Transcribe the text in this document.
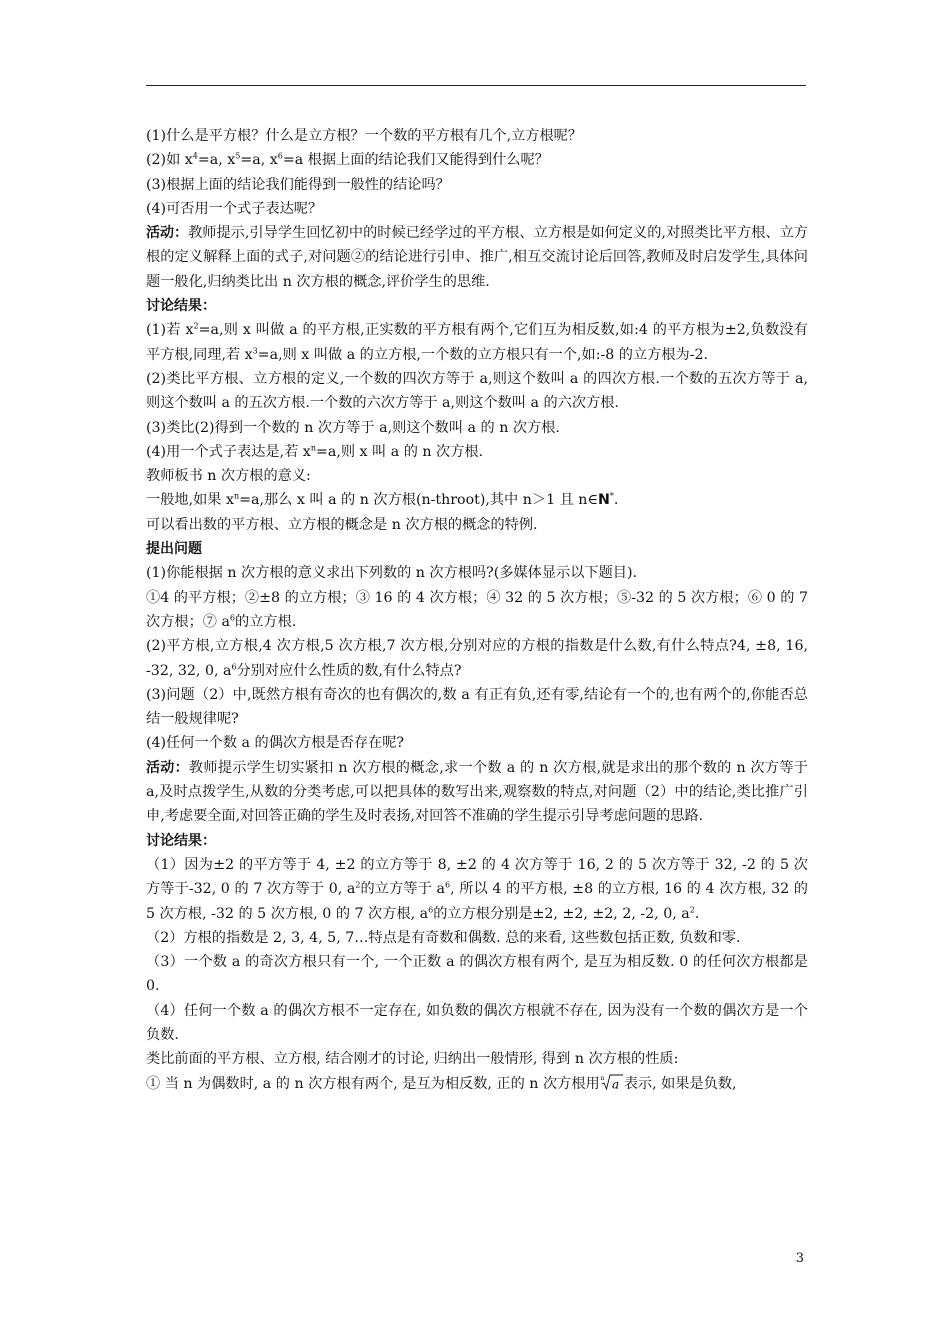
(1)什么是平方根？什么是立方根？一个数的平方根有几个,立方根呢？

(2)如 $x^4=a$, $x^5=a$, $x^6=a$ 根据上面的结论我们又能得到什么呢？

(3)根据上面的结论我们能得到一般性的结论吗？

(4)可否用一个式子表达呢？

活动：教师提示,引导学生回忆初中的时候已经学过的平方根、立方根是如何定义的,对照类比平方根、立方根的定义解释上面的式子,对问题②的结论进行引申、推广,相互交流讨论后回答,教师及时启发学生,具体问题一般化,归纳类比出 n 次方根的概念,评价学生的思维.

讨论结果：

(1)若 $x^2=a$,则 x 叫做 a 的平方根,正实数的平方根有两个,它们互为相反数,如:4 的平方根为±2,负数没有平方根,同理,若 $x^3=a$,则 x 叫做 a 的立方根,一个数的立方根只有一个,如:-8 的立方根为-2.

(2)类比平方根、立方根的定义,一个数的四次方等于 a,则这个数叫 a 的四次方根.一个数的五次方等于 a,则这个数叫 a 的五次方根.一个数的六次方等于 a,则这个数叫 a 的六次方根.

(3)类比(2)得到一个数的 n 次方等于 a,则这个数叫 a 的 n 次方根.

(4)用一个式子表达是,若 $x^n=a$,则 x 叫 a 的 n 次方根.

教师板书 n 次方根的意义:

一般地,如果 $x^n=a$,那么 x 叫 a 的 n 次方根(n-throot),其中 n＞1 且 n∈N*.

可以看出数的平方根、立方根的概念是 n 次方根的概念的特例.

提出问题

(1)你能根据 n 次方根的意义求出下列数的 n 次方根吗?(多媒体显示以下题目).

①4 的平方根；②±8 的立方根；③ 16 的 4 次方根；④ 32 的 5 次方根；⑤-32 的 5 次方根；⑥ 0 的 7 次方根；⑦ $a^6$的立方根.

(2)平方根,立方根,4 次方根,5 次方根,7 次方根,分别对应的方根的指数是什么数,有什么特点?4, ±8, 16, -32, 32, 0, $a^6$分别对应什么性质的数,有什么特点?

(3)问题（2）中,既然方根有奇次的也有偶次的,数 a 有正有负,还有零,结论有一个的,也有两个的,你能否总结一般规律呢?

(4)任何一个数 a 的偶次方根是否存在呢?

活动：教师提示学生切实紧扣 n 次方根的概念,求一个数 a 的 n 次方根,就是求出的那个数的 n 次方等于 a,及时点拨学生,从数的分类考虑,可以把具体的数写出来,观察数的特点,对问题（2）中的结论,类比推广引申,考虑要全面,对回答正确的学生及时表扬,对回答不准确的学生提示引导考虑问题的思路.

讨论结果：

（1）因为±2 的平方等于 4, ±2 的立方等于 8, ±2 的 4 次方等于 16, 2 的 5 次方等于 32, -2 的 5 次方等于-32, 0 的 7 次方等于 0, $a^2$的立方等于 $a^6$, 所以 4 的平方根, ±8 的立方根, 16 的 4 次方根, 32 的 5 次方根, -32 的 5 次方根, 0 的 7 次方根, $a^6$的立方根分别是±2, ±2, ±2, 2, -2, 0, $a^2$.

（2）方根的指数是 2, 3, 4, 5, 7…特点是有奇数和偶数. 总的来看, 这些数包括正数, 负数和零.

（3）一个数 a 的奇次方根只有一个, 一个正数 a 的偶次方根有两个, 是互为相反数. 0 的任何次方根都是 0.

（4）任何一个数 a 的偶次方根不一定存在, 如负数的偶次方根就不存在, 因为没有一个数的偶次方是一个负数.

类比前面的平方根、立方根, 结合刚才的讨论, 归纳出一般情形, 得到 n 次方根的性质:

① 当 n 为偶数时, a 的 n 次方根有两个, 是互为相反数, 正的 n 次方根用 n a 表示, 如果是负数,

3
